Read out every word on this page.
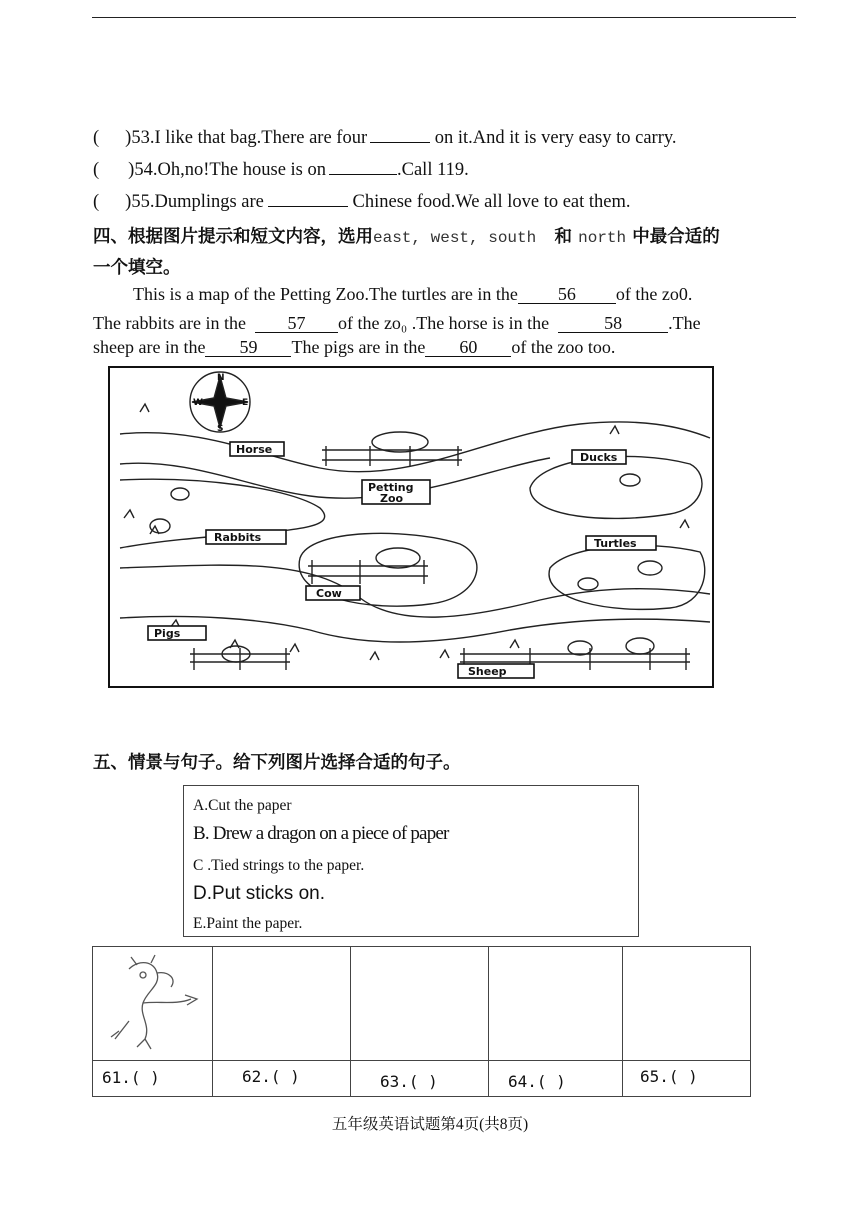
( )53.I like that bag.There are four	on it.And it is very easy to carry.
( )54.Oh,no!The house is on	.Call 119.
( )55.Dumplings are	Chinese food.We all love to eat them.
四、根据图片提示和短文内容，选用east, west, south 和 north 中最合适的
一个填空。
This is a map of the Petting Zoo.The turtles are in the 56 of the zo0.
The rabbits are in the 57 of the zo₀ .The horse is in the	58	.The
sheep are in the 59 The pigs are in the 60 of the zoo too.
N
S
E
W
Horse
Ducks
Petting
Zoo
Rabbits	Turtles
Cow
Pigs
Sheep
五、情景与句子。给下列图片选择合适的句子。
A.Cut the paper
B. Drew a dragon on a piece of paper
C .Tied strings to the paper.
D.Put sticks on.
E.Paint the paper.
61.( )	62.( )	63.( )	64.( )	65.( )
五年级英语试题第4页(共8页)
